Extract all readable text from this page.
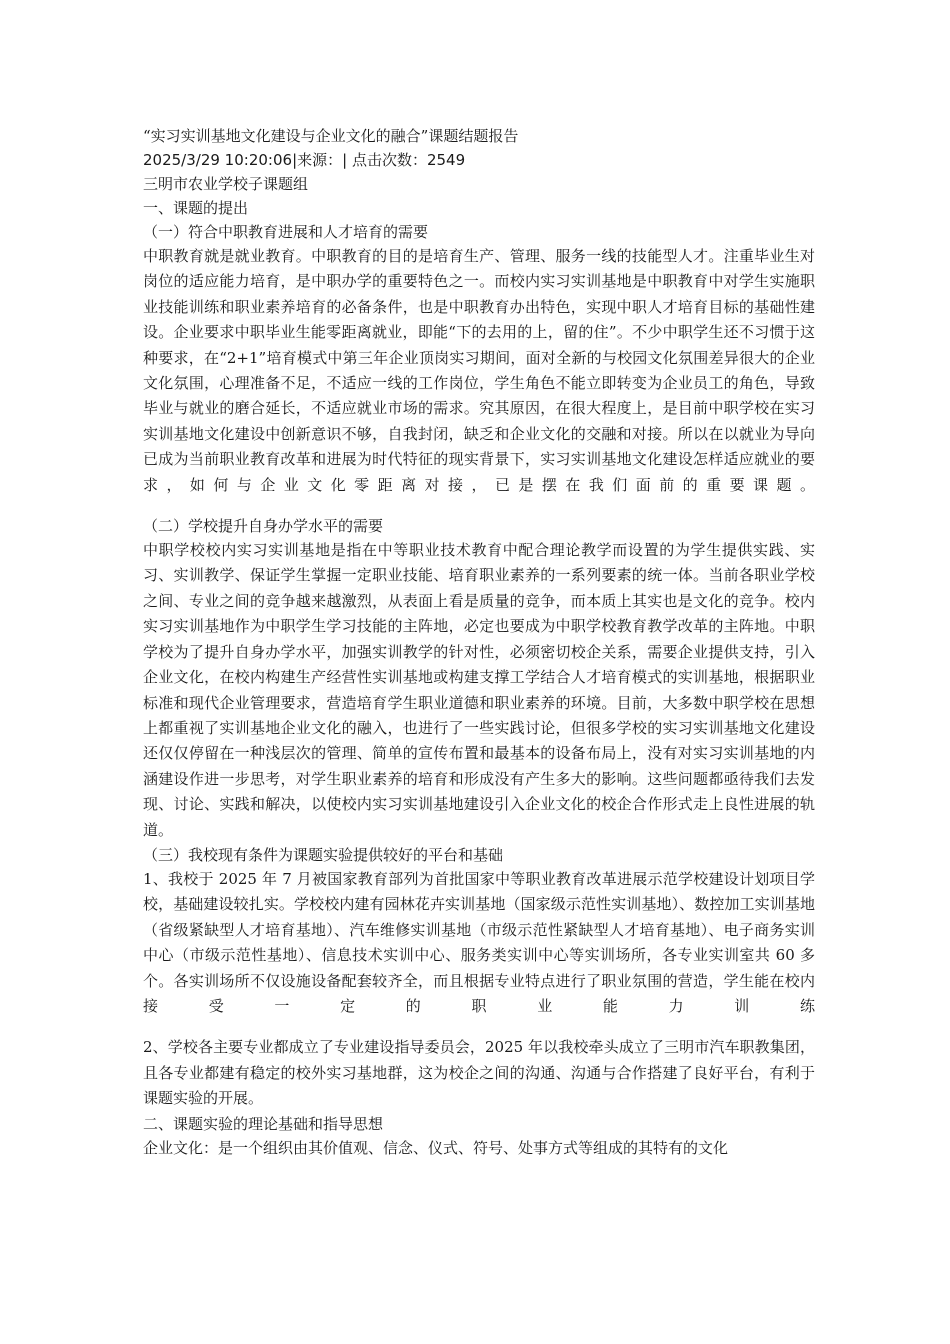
“实习实训基地文化建设与企业文化的融合”课题结题报告

2025/3/29 10:20:06|来源：| 点击次数：2549

三明市农业学校子课题组

一、课题的提出

（一）符合中职教育进展和人才培育的需要

中职教育就是就业教育。中职教育的目的是培育生产、管理、服务一线的技能型人才。注重毕业生对岗位的适应能力培育，是中职办学的重要特色之一。而校内实习实训基地是中职教育中对学生实施职业技能训练和职业素养培育的必备条件，也是中职教育办出特色，实现中职人才培育目标的基础性建设。企业要求中职毕业生能零距离就业，即能“下的去用的上，留的住”。不少中职学生还不习惯于这种要求，在“2+1”培育模式中第三年企业顶岗实习期间，面对全新的与校园文化氛围差异很大的企业文化氛围，心理准备不足，不适应一线的工作岗位，学生角色不能立即转变为企业员工的角色，导致毕业与就业的磨合延长，不适应就业市场的需求。究其原因，在很大程度上，是目前中职学校在实习实训基地文化建设中创新意识不够，自我封闭，缺乏和企业文化的交融和对接。所以在以就业为导向已成为当前职业教育改革和进展为时代特征的现实背景下，实习实训基地文化建设怎样适应就业的要求，如何与企业文化零距离对接，已是摆在我们面前的重要课题。

（二）学校提升自身办学水平的需要

中职学校校内实习实训基地是指在中等职业技术教育中配合理论教学而设置的为学生提供实践、实习、实训教学、保证学生掌握一定职业技能、培育职业素养的一系列要素的统一体。当前各职业学校之间、专业之间的竞争越来越激烈，从表面上看是质量的竞争，而本质上其实也是文化的竞争。校内实习实训基地作为中职学生学习技能的主阵地，必定也要成为中职学校教育教学改革的主阵地。中职学校为了提升自身办学水平，加强实训教学的针对性，必须密切校企关系，需要企业提供支持，引入企业文化，在校内构建生产经营性实训基地或构建支撑工学结合人才培育模式的实训基地，根据职业标准和现代企业管理要求，营造培育学生职业道德和职业素养的环境。目前，大多数中职学校在思想上都重视了实训基地企业文化的融入，也进行了一些实践讨论，但很多学校的实习实训基地文化建设还仅仅停留在一种浅层次的管理、简单的宣传布置和最基本的设备布局上，没有对实习实训基地的内涵建设作进一步思考，对学生职业素养的培育和形成没有产生多大的影响。这些问题都亟待我们去发现、讨论、实践和解决，以使校内实习实训基地建设引入企业文化的校企合作形式走上良性进展的轨道。

（三）我校现有条件为课题实验提供较好的平台和基础

1、我校于 2025 年 7 月被国家教育部列为首批国家中等职业教育改革进展示范学校建设计划项目学校，基础建设较扎实。学校校内建有园林花卉实训基地（国家级示范性实训基地）、数控加工实训基地（省级紧缺型人才培育基地）、汽车维修实训基地（市级示范性紧缺型人才培育基地）、电子商务实训中心（市级示范性基地）、信息技术实训中心、服务类实训中心等实训场所，各专业实训室共 60 多个。各实训场所不仅设施设备配套较齐全，而且根据专业特点进行了职业氛围的营造，学生能在校内接受一定的职业能力训练

2、学校各主要专业都成立了专业建设指导委员会，2025 年以我校牵头成立了三明市汽车职教集团，且各专业都建有稳定的校外实习基地群，这为校企之间的沟通、沟通与合作搭建了良好平台，有利于课题实验的开展。

二、课题实验的理论基础和指导思想

企业文化：是一个组织由其价值观、信念、仪式、符号、处事方式等组成的其特有的文化
